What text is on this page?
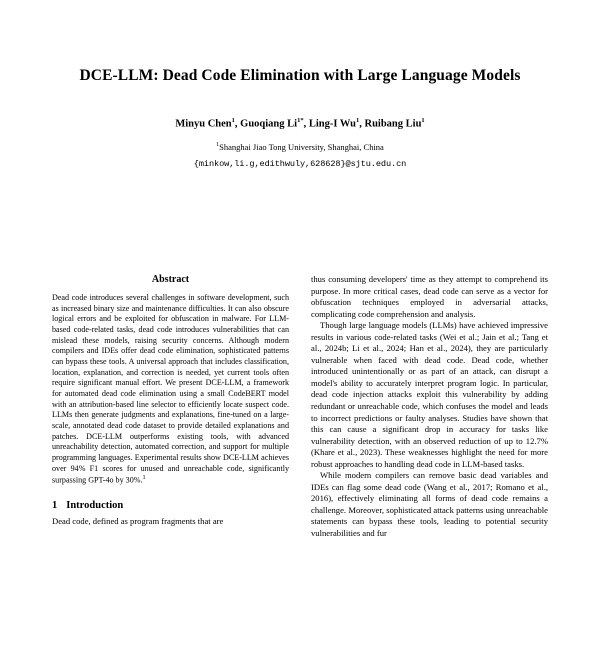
DCE-LLM: Dead Code Elimination with Large Language Models
Minyu Chen$^1$, Guoqiang $Li^{1*}$, Ling-I Wu$^1$, Ruibang Liu$^1$
$^1$Shanghai Jiao Tong University, Shanghai, China
{minkow,li.g,edithwuly,628628}@sjtu.edu.cn
Abstract
Dead code introduces several challenges in software development, such as increased binary size and maintenance difficulties. It can also obscure logical errors and be exploited for obfuscation in malware. For LLM-based code-related tasks, dead code introduces vulnerabilities that can mislead these models, raising security concerns. Although modern compilers and IDEs offer dead code elimination, sophisticated patterns can bypass these tools. A universal approach that includes classification, location, explanation, and correction is needed, yet current tools often require significant manual effort. We present DCE-LLM, a framework for automated dead code elimination using a small CodeBERT model with an attribution-based line selector to efficiently locate suspect code. LLMs then generate judgments and explanations, fine-tuned on a large-scale, annotated dead code dataset to provide detailed explanations and patches. DCE-LLM outperforms existing tools, with advanced unreachability detection, automated correction, and support for multiple programming languages. Experimental results show DCE-LLM achieves over 94% F1 scores for unused and unreachable code, significantly surpassing GPT-4o by 30%.$^1$
1 Introduction
Dead code, defined as program fragments that are

thus consuming developers' time as they attempt to comprehend its purpose. In more critical cases, dead code can serve as a vector for obfuscation techniques employed in adversarial attacks, complicating code comprehension and analysis.

Though large language models (LLMs) have achieved impressive results in various code-related tasks (Wei et al.; Jain et al.; Tang et al., 2024b; Li et al., 2024; Han et al., 2024), they are particularly vulnerable when faced with dead code. Dead code, whether introduced unintentionally or as part of an attack, can disrupt a model's ability to accurately interpret program logic. In particular, dead code injection attacks exploit this vulnerability by adding redundant or unreachable code, which confuses the model and leads to incorrect predictions or faulty analyses. Studies have shown that this can cause a significant drop in accuracy for tasks like vulnerability detection, with an observed reduction of up to 12.7% (Khare et al., 2023). These weaknesses highlight the need for more robust approaches to handling dead code in LLM-based tasks.

While modern compilers can remove basic dead variables and IDEs can flag some dead code (Wang et al., 2017; Romano et al., 2016), effectively eliminating all forms of dead code remains a challenge. Moreover, sophisticated attack patterns using unreachable statements can bypass these tools, leading to potential security vulnerabilities and fur
